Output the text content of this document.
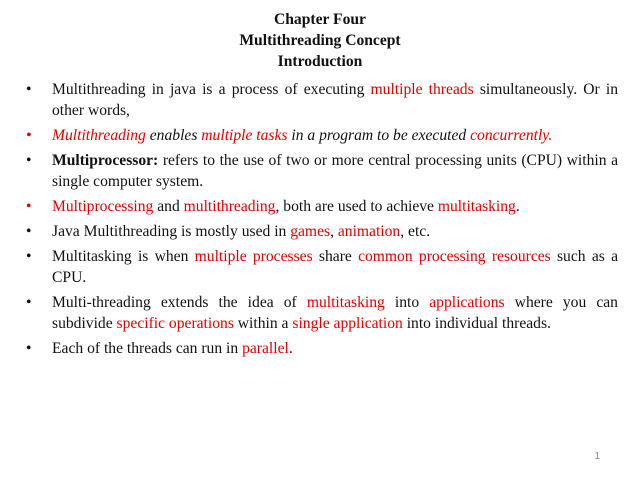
Chapter Four
Multithreading Concept
Introduction
•	Multithreading in java is a process of executing multiple threads simultaneously. Or in other words,
•	Multithreading enables multiple tasks in a program to be executed concurrently.
•	Multiprocessor: refers to the use of two or more central processing units (CPU) within a single computer system.
•	Multiprocessing and multithreading, both are used to achieve multitasking.
•	Java Multithreading is mostly used in games, animation, etc.
•	Multitasking is when multiple processes share common processing resources such as a CPU.
•	Multi-threading extends the idea of multitasking into applications where you can subdivide specific operations within a single application into individual threads.
•	Each of the threads can run in parallel.
1
